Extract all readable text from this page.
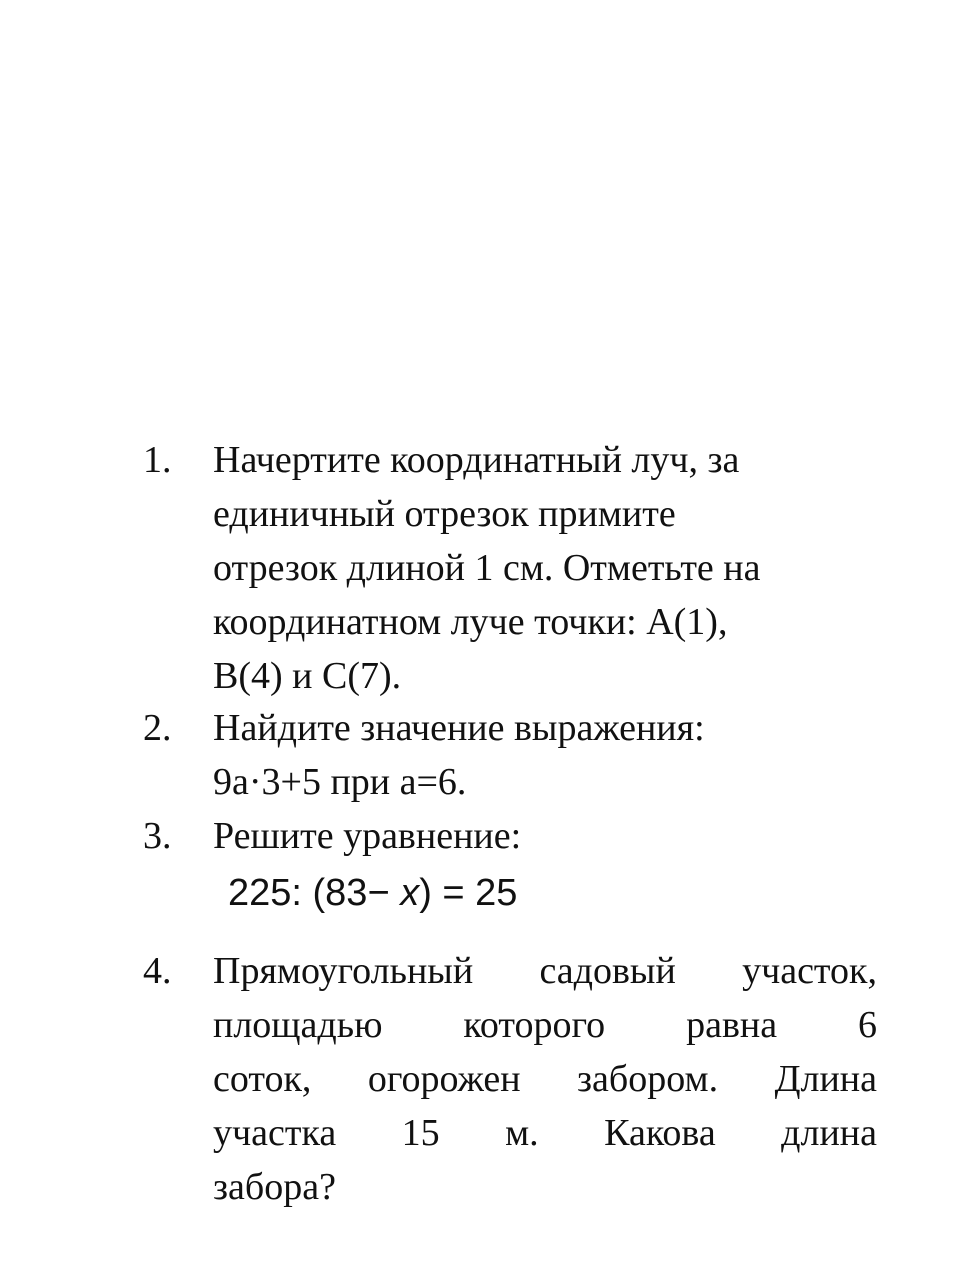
1.	Начертите координатный луч, за
единичный отрезок примите
отрезок длиной 1 см. Отметьте на
координатном луче точки: A(1),
B(4) и С(7).
2.	Найдите значение выражения:
9a·3+5 при a=6.
3.	Решите уравнение:
225: (83− x) = 25
4.	Прямоугольный садовый участок,
площадью которого равна 6
соток, огорожен забором. Длина
участка 15 м. Какова длина
забора?
